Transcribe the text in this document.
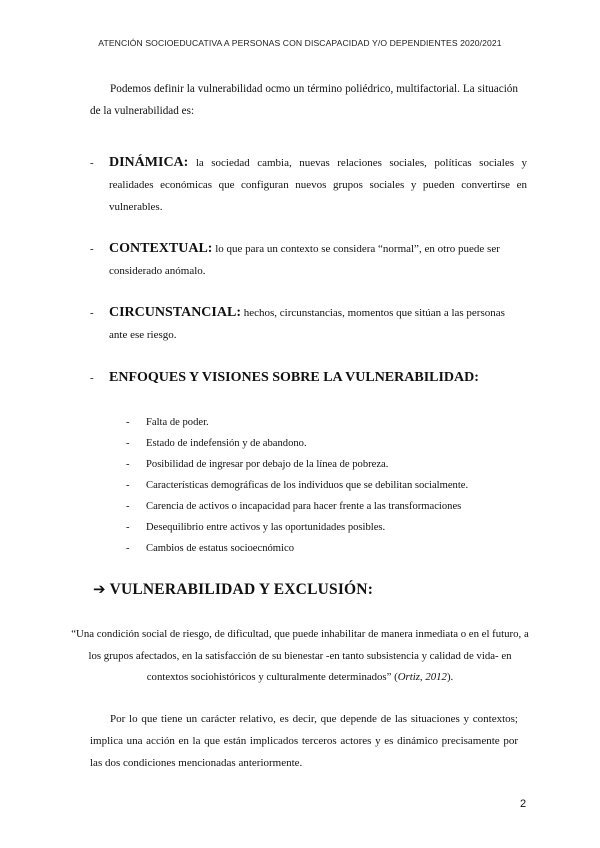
ATENCIÓN SOCIOEDUCATIVA A PERSONAS CON DISCAPACIDAD Y/O DEPENDIENTES 2020/2021

Podemos definir la vulnerabilidad ocmo un término poliédrico, multifactorial. La situación de la vulnerabilidad es:

- DINÁMICA: la sociedad cambia, nuevas relaciones sociales, políticas sociales y realidades económicas que configuran nuevos grupos sociales y pueden convertirse en vulnerables.
- CONTEXTUAL: lo que para un contexto se considera “normal”, en otro puede ser considerado anómalo.
- CIRCUNSTANCIAL: hechos, circunstancias, momentos que sitúan a las personas ante ese riesgo.
- ENFOQUES Y VISIONES SOBRE LA VULNERABILIDAD:
- Falta de poder.
- Estado de indefensión y de abandono.
- Posibilidad de ingresar por debajo de la línea de pobreza.
- Características demográficas de los individuos que se debilitan socialmente.
- Carencia de activos o incapacidad para hacer frente a las transformaciones
- Desequilibrio entre activos y las oportunidades posibles.
- Cambios de estatus socioecnómico
➔ VULNERABILIDAD Y EXCLUSIÓN:

“Una condición social de riesgo, de dificultad, que puede inhabilitar de manera inmediata o en el futuro, a los grupos afectados, en la satisfacción de su bienestar -en tanto subsistencia y calidad de vida- en contextos sociohistóricos y culturalmente determinados” (Ortiz, 2012).

Por lo que tiene un carácter relativo, es decir, que depende de las situaciones y contextos; implica una acción en la que están implicados terceros actores y es dinámico precisamente por las dos condiciones mencionadas anteriormente.

2
